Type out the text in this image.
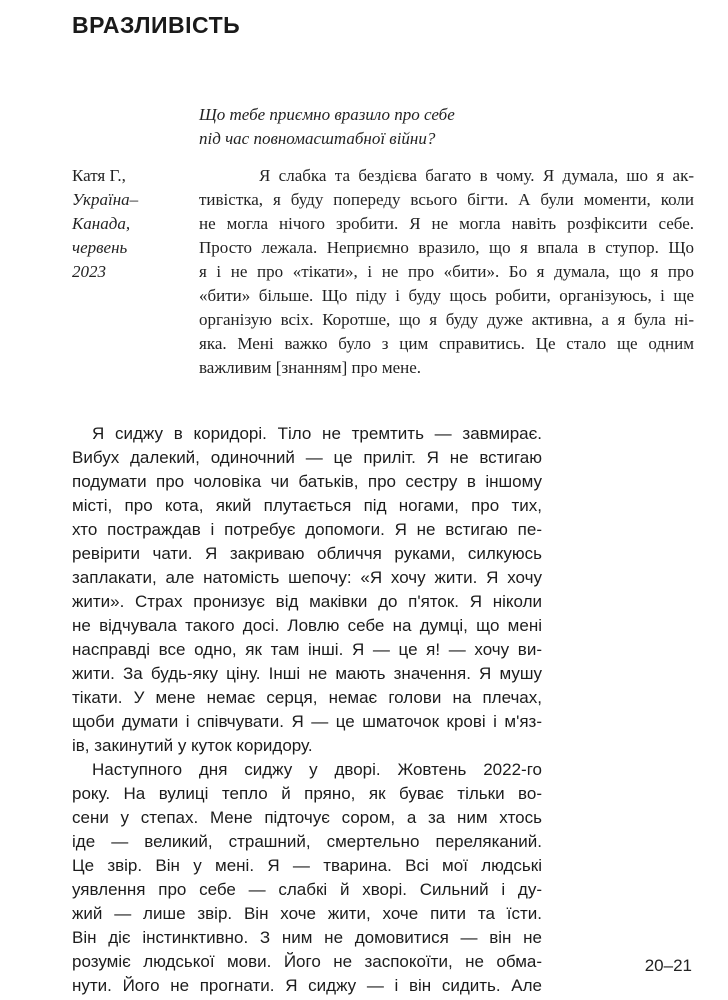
ВРАЗЛИВІСТЬ
Що тебе приємно вразило про себе
під час повномасштабної війни?
Катя Г.,
Україна–
Канада,
червень
2023
Я слабка та бездієва багато в чому. Я думала, шо я ак-
тивістка, я буду попереду всього бігти. А були моменти, коли
не могла нічого зробити. Я не могла навіть розфіксити себе.
Просто лежала. Неприємно вразило, що я впала в ступор. Що
я і не про «тікати», і не про «бити». Бо я думала, що я про
«бити» більше. Що піду і буду щось робити, організуюсь, і ще
організую всіх. Коротше, що я буду дуже активна, а я була ні-
яка. Мені важко було з цим справитись. Це стало ще одним
важливим [знанням] про мене.
Я сиджу в коридорі. Тіло не тремтить — завмирає.
Вибух далекий, одиночний — це приліт. Я не встигаю
подумати про чоловіка чи батьків, про сестру в іншому
місті, про кота, який плутається під ногами, про тих,
хто постраждав і потребує допомоги. Я не встигаю пе-
ревірити чати. Я закриваю обличчя руками, силкуюсь
заплакати, але натомість шепочу: «Я хочу жити. Я хочу
жити». Страх пронизує від маківки до п'яток. Я ніколи
не відчувала такого досі. Ловлю себе на думці, що мені
насправді все одно, як там інші. Я — це я! — хочу ви-
жити. За будь-яку ціну. Інші не мають значення. Я мушу
тікати. У мене немає серця, немає голови на плечах,
щоби думати і співчувати. Я — це шматочок крові і м'яз-
ів, закинутий у куток коридору.
Наступного дня сиджу у дворі. Жовтень 2022-го
року. На вулиці тепло й пряно, як буває тільки во-
сени у степах. Мене підточує сором, а за ним хтось
іде — великий, страшний, смертельно переляканий.
Це звір. Він у мені. Я — тварина. Всі мої людські
уявлення про себе — слабкі й хворі. Сильний і ду-
жий — лише звір. Він хоче жити, хоче пити та їсти.
Він діє інстинктивно. З ним не домовитися — він не
розуміє людської мови. Його не заспокоїти, не обма-
нути. Його не прогнати. Я сиджу — і він сидить. Але
20–21
